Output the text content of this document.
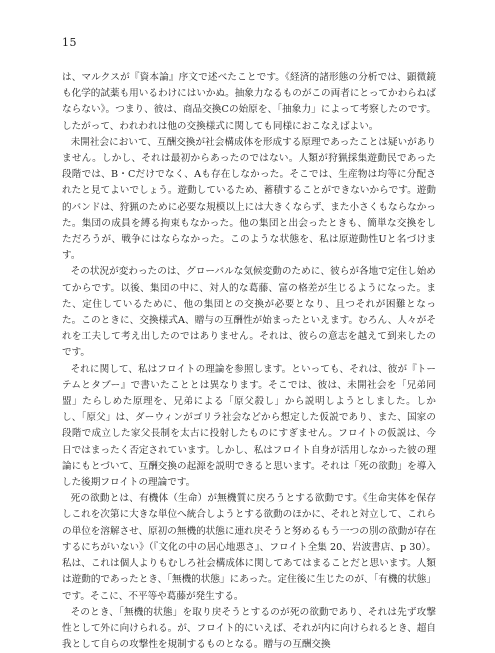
15

は、マルクスが『資本論』序文で述べたことです。《経済的諸形態の分析では、顕微鏡も化学的試薬も用いるわけにはいかぬ。抽象力なるものがこの両者にとってかわらねばならない》。つまり、彼は、商品交換Cの始原を、「抽象力」によって考察したのです。したがって、われわれは他の交換様式に関しても同様におこなえばよい。

未開社会において、互酬交換が社会構成体を形成する原理であったことは疑いがありません。しかし、それは最初からあったのではない。人類が狩猟採集遊動民であった段階では、B・Cだけでなく、Aも存在しなかった。そこでは、生産物は均等に分配されたと見てよいでしょう。遊動しているため、蓄積することができないからです。遊動的バンドは、狩猟のために必要な規模以上には大きくならず、また小さくもならなかった。集団の成員を縛る拘束もなかった。他の集団と出会ったときも、簡単な交換をしただろうが、戦争にはならなかった。このような状態を、私は原遊動性Uと名づけます。

その状況が変わったのは、グローバルな気候変動のために、彼らが各地で定住し始めてからです。以後、集団の中に、対人的な葛藤、富の格差が生じるようになった。また、定住しているために、他の集団との交換が必要となり、且つそれが困難となった。このときに、交換様式A、贈与の互酬性が始まったといえます。むろん、人々がそれを工夫して考え出したのではありません。それは、彼らの意志を越えて到来したのです。

それに関して、私はフロイトの理論を参照します。といっても、それは、彼が『トーテムとタブー』で書いたこととは異なります。そこでは、彼は、未開社会を「兄弟同盟」たらしめた原理を、兄弟による「原父殺し」から説明しようとしました。しかし、「原父」は、ダーウィンがゴリラ社会などから想定した仮説であり、また、国家の段階で成立した家父長制を太古に投射したものにすぎません。フロイトの仮説は、今日ではまったく否定されています。しかし、私はフロイト自身が活用しなかった彼の理論にもとづいて、互酬交換の起源を説明できると思います。それは「死の欲動」を導入した後期フロイトの理論です。

死の欲動とは、有機体（生命）が無機質に戻ろうとする欲動です。《生命実体を保存しこれを次第に大きな単位へ統合しようとする欲動のほかに、それと対立して、これらの単位を溶解させ、原初の無機的状態に連れ戻そうと努めるもう一つの別の欲動が存在するにちがいない》（『文化の中の居心地悪さ』、フロイト全集 20、岩波書店、p 30）。私は、これは個人よりもむしろ社会構成体に関してあてはまることだと思います。人類は遊動的であったとき、「無機的状態」にあった。定住後に生じたのが、「有機的状態」です。そこに、不平等や葛藤が発生する。

そのとき、「無機的状態」を取り戻そうとするのが死の欲動であり、それは先ず攻撃性として外に向けられる。が、フロイト的にいえば、それが内に向けられるとき、超自我として自らの攻撃性を規制するものとなる。贈与の互酬交換
